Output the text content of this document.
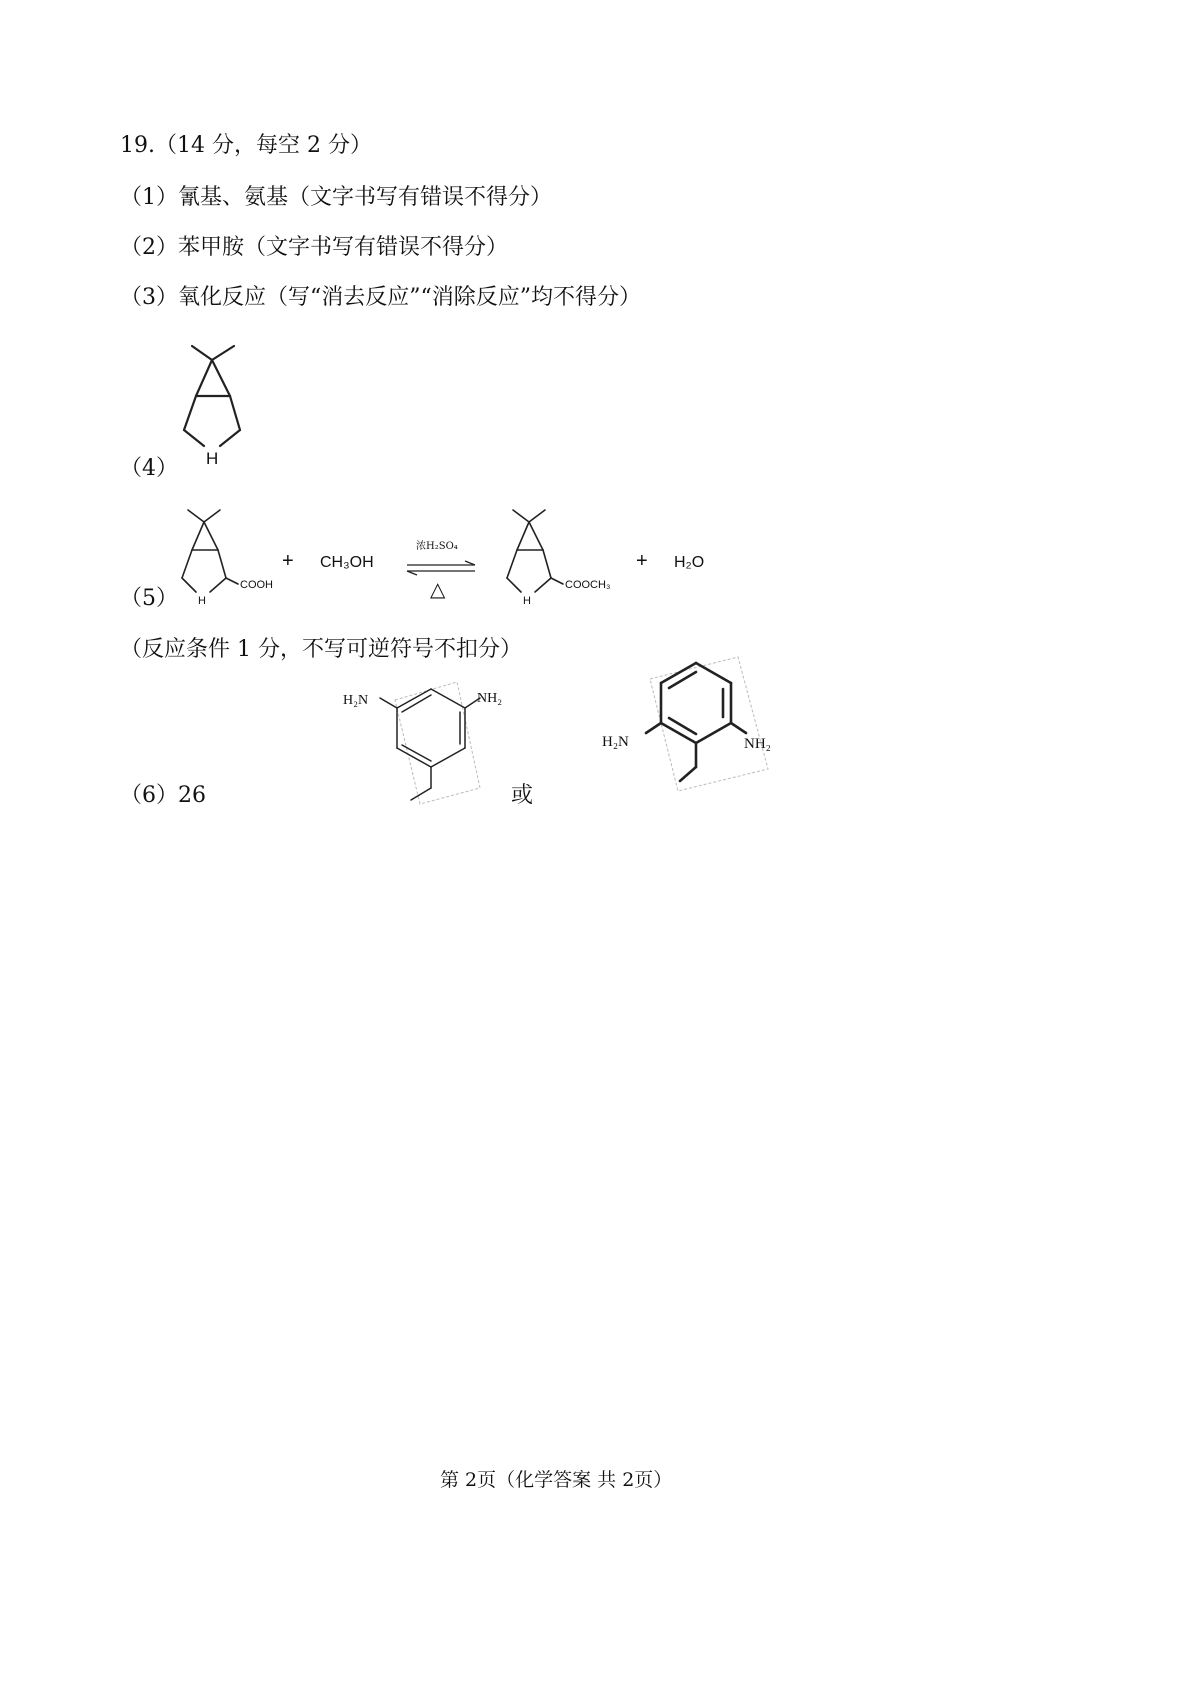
19.（14 分，每空 2 分）
（1）氰基、氨基（文字书写有错误不得分）
（2）苯甲胺（文字书写有错误不得分）
（3）氧化反应（写“消去反应”“消除反应”均不得分）
（4） H
（5） H
COOH
+ CH₃OH
浓H₂SO₄
△	H
COOCH₃
+ H₂O
（反应条件 1 分，不写可逆符号不扣分）
（6）26
H₂N	NH₂
或
H₂N	NH₂
第 2页（化学答案 共 2页）
